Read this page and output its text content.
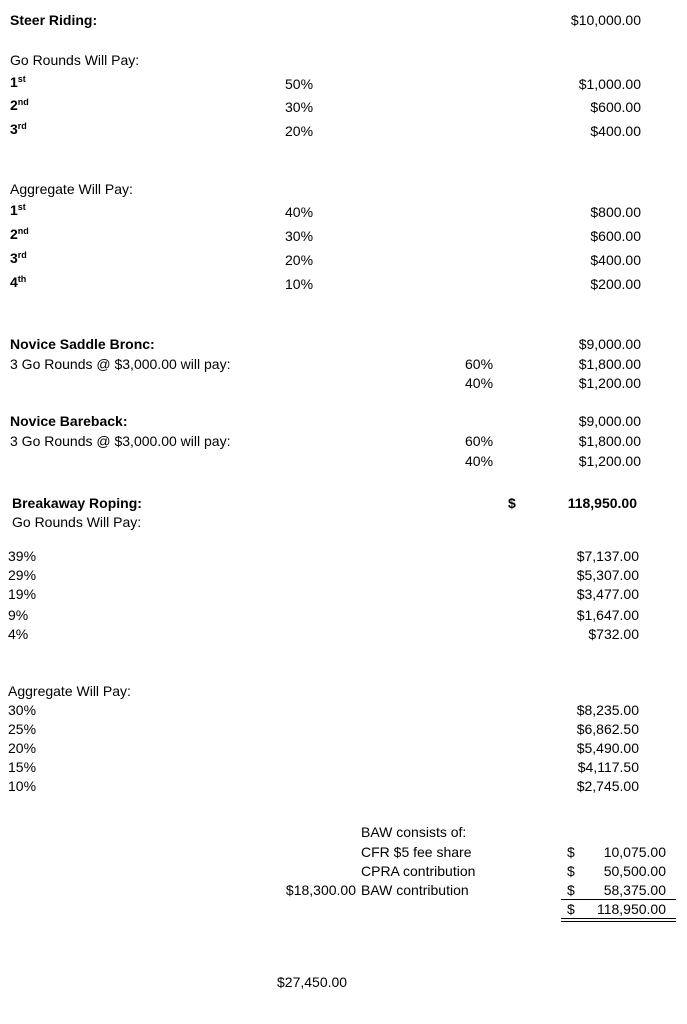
Steer Riding:	$10,000.00
Go Rounds Will Pay:
1st	50%	$1,000.00
2nd	30%	$600.00
3rd	20%	$400.00
Aggregate Will Pay:
1st	40%	$800.00
2nd	30%	$600.00
3rd	20%	$400.00
4th	10%	$200.00
Novice Saddle Bronc:	$9,000.00
3 Go Rounds @ $3,000.00 will pay:	60%	$1,800.00
40%	$1,200.00
Novice Bareback:	$9,000.00
3 Go Rounds @ $3,000.00 will pay:	60%	$1,800.00
40%	$1,200.00
Breakaway Roping:	$	118,950.00
Go Rounds Will Pay:
39%	$7,137.00
29%	$5,307.00
19%	$3,477.00
9%	$1,647.00
4%	$732.00
Aggregate Will Pay:
30%	$8,235.00
25%	$6,862.50
20%	$5,490.00
15%	$4,117.50
10%	$2,745.00
BAW consists of:
CFR $5 fee share	$ 10,075.00
CPRA contribution	$ 50,500.00
$18,300.00 BAW contribution	$ 58,375.00
$ 118,950.00
$27,450.00
